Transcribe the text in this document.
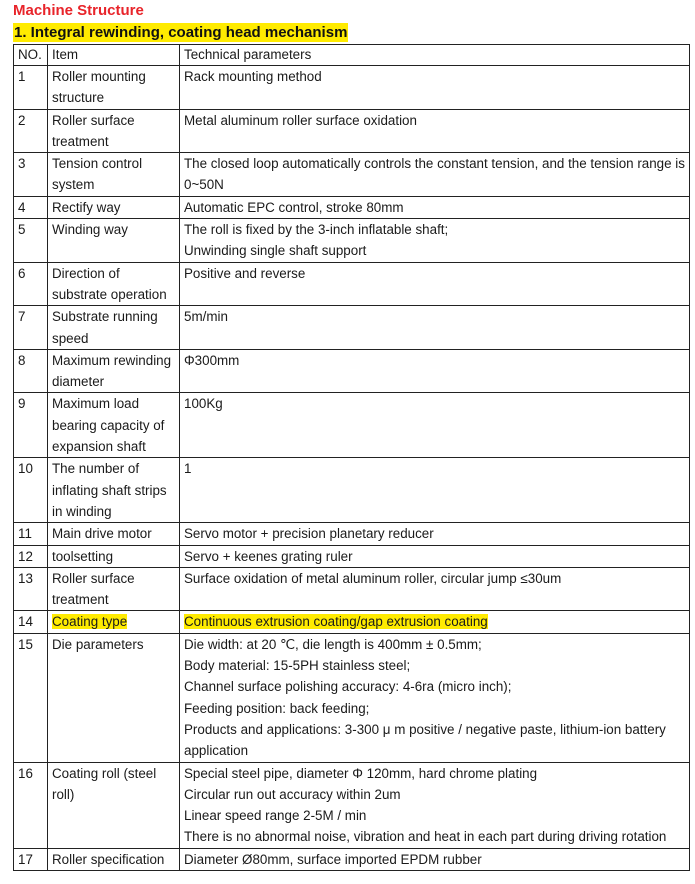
Machine Structure
1. Integral rewinding, coating head mechanism
NO.	Item	Technical parameters
1	Roller mounting structure	Rack mounting method

2	Roller surface treatment	Metal aluminum roller surface oxidation

3	Tension control system	The closed loop automatically controls the constant tension, and the tension range is 0~50N

4	Rectify way	Automatic EPC control, stroke 80mm

5	Winding way	The roll is fixed by the 3-inch inflatable shaft;
Unwinding single shaft support

6	Direction of substrate operation	Positive and reverse

7	Substrate running speed	5m/min

8	Maximum rewinding diameter	Φ300mm

9	Maximum load bearing capacity of expansion shaft	100Kg

10	The number of inflating shaft strips in winding	1

11	Main drive motor	Servo motor + precision planetary reducer

12	toolsetting	Servo + keenes grating ruler

13	Roller surface treatment	Surface oxidation of metal aluminum roller, circular jump ≤30um

14	Coating type	Continuous extrusion coating/gap extrusion coating

15	Die parameters	Die width: at 20 ℃, die length is 400mm ± 0.5mm;
Body material: 15-5PH stainless steel;
Channel surface polishing accuracy: 4-6ra (micro inch);
Feeding position: back feeding;
Products and applications: 3-300 μ m positive / negative paste, lithium-ion battery application

16	Coating roll (steel roll)	Special steel pipe, diameter Φ 120mm, hard chrome plating
Circular run out accuracy within 2um
Linear speed range 2-5M / min
There is no abnormal noise, vibration and heat in each part during driving rotation

17	Roller specification	Diameter Ø80mm, surface imported EPDM rubber
